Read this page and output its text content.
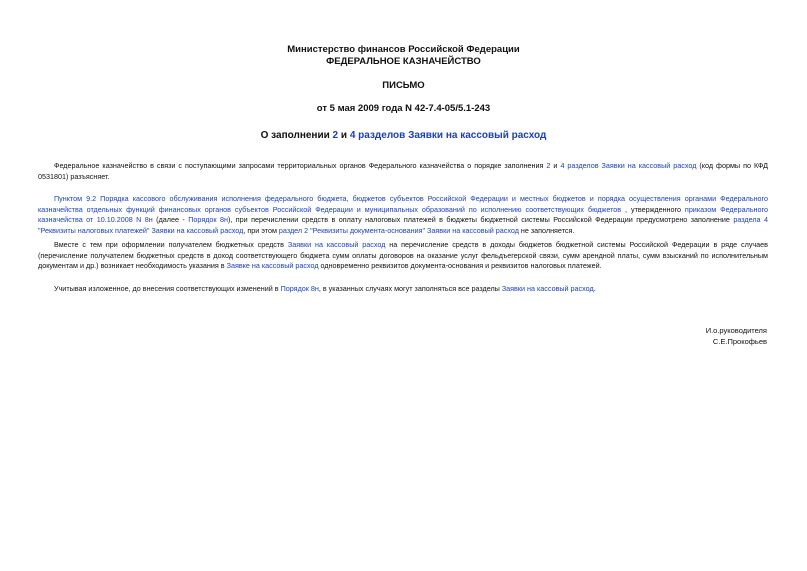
Министерство финансов Российской Федерации
ФЕДЕРАЛЬНОЕ КАЗНАЧЕЙСТВО
ПИСЬМО
от 5 мая 2009 года N 42-7.4-05/5.1-243
О заполнении 2 и 4 разделов Заявки на кассовый расход

Федеральное казначейство в связи с поступающими запросами территориальных органов Федерального казначейства о порядке заполнения 2 и 4 разделов Заявки на кассовый расход (код формы по КФД 0531801) разъясняет.

Пунктом 9.2 Порядка кассового обслуживания исполнения федерального бюджета, бюджетов субъектов Российской Федерации и местных бюджетов и порядка осуществления органами Федерального казначейства отдельных функций финансовых органов субъектов Российской Федерации и муниципальных образований по исполнению соответствующих бюджетов , утвержденного приказом Федерального казначейства от 10.10.2008 N 8н (далее - Порядок 8н), при перечислении средств в оплату налоговых платежей в бюджеты бюджетной системы Российской Федерации предусмотрено заполнение раздела 4 "Реквизиты налоговых платежей" Заявки на кассовый расход, при этом раздел 2 "Реквизиты документа-основания" Заявки на кассовый расход не заполняется.

Вместе с тем при оформлении получателем бюджетных средств Заявки на кассовый расход на перечисление средств в доходы бюджетов бюджетной системы Российской Федерации в ряде случаев (перечисление получателем бюджетных средств в доход соответствующего бюджета сумм оплаты договоров на оказание услуг фельдъегерской связи, сумм арендной платы, сумм взысканий по исполнительным документам и др.) возникает необходимость указания в Заявке на кассовый расход одновременно реквизитов документа-основания и реквизитов налоговых платежей.

Учитывая изложенное, до внесения соответствующих изменений в Порядок 8н, в указанных случаях могут заполняться все разделы Заявки на кассовый расход.

И.о.руководителя
С.Е.Прокофьев
